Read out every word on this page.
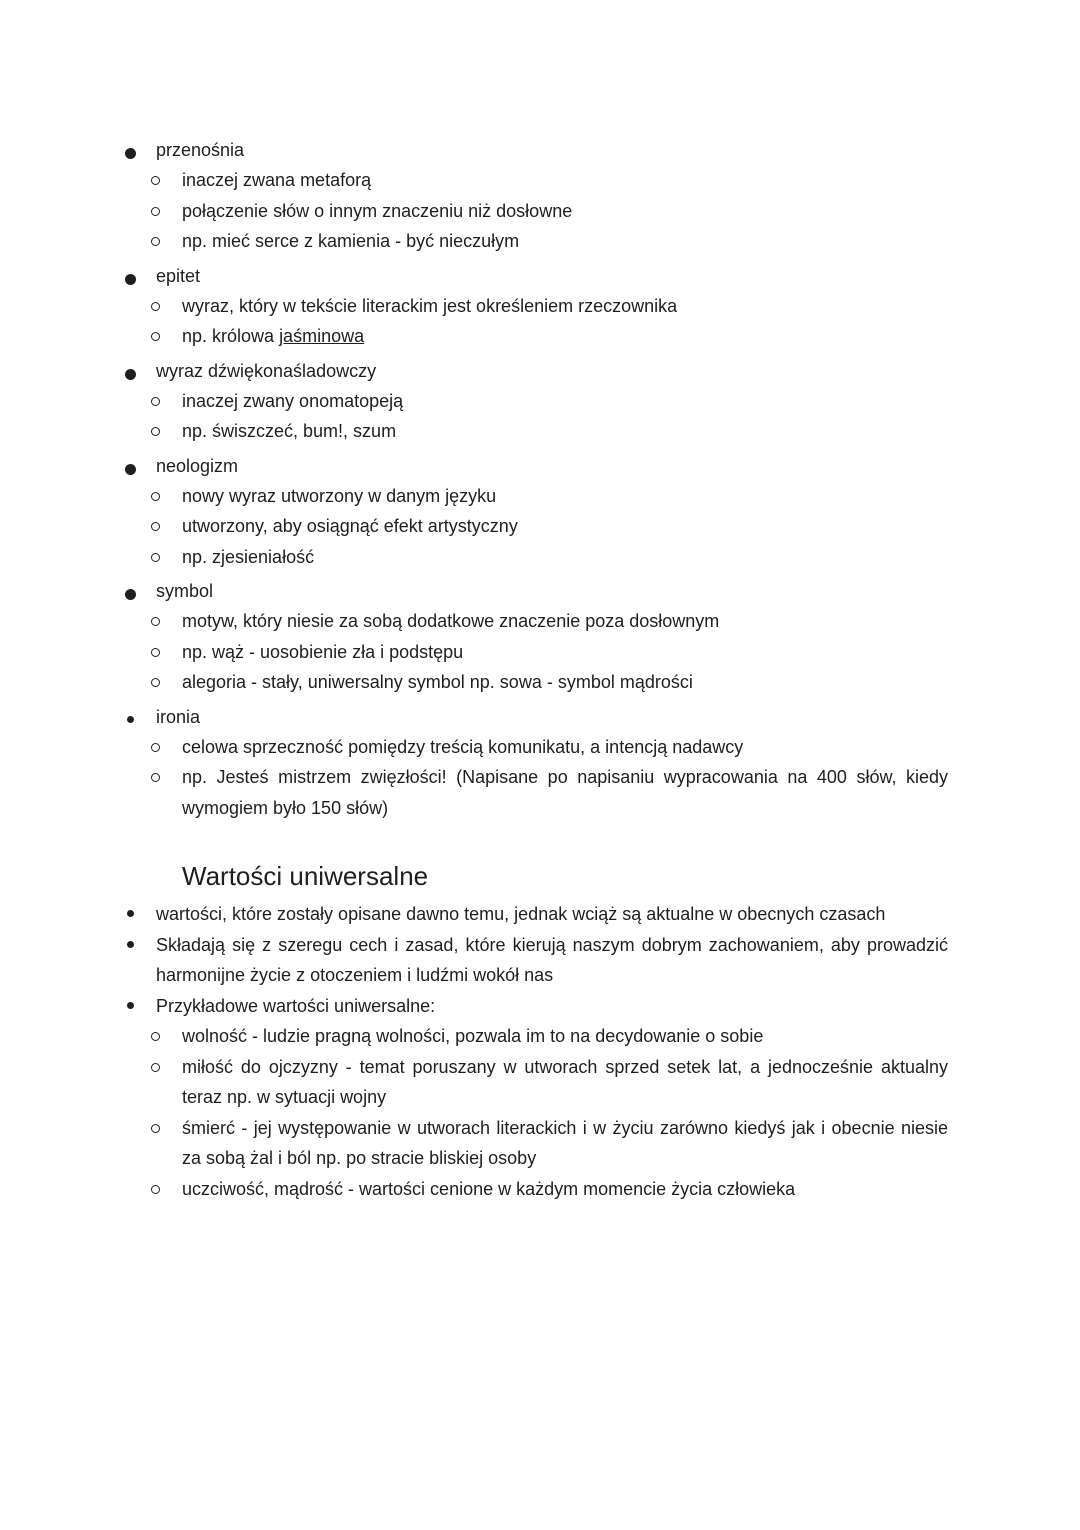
przenośnia
inaczej zwana metaforą
połączenie słów o innym znaczeniu niż dosłowne
np. mieć serce z kamienia - być nieczułym
epitet
wyraz, który w tekście literackim jest określeniem rzeczownika
np. królowa jaśminowa
wyraz dźwiękonaśladowczy
inaczej zwany onomatopeją
np. świszczeć, bum!, szum
neologizm
nowy wyraz utworzony w danym języku
utworzony, aby osiągnąć efekt artystyczny
np. zjesieniałość
symbol
motyw, który niesie za sobą dodatkowe znaczenie poza dosłownym
np. wąż - uosobienie zła i podstępu
alegoria - stały, uniwersalny symbol np. sowa - symbol mądrości
ironia
celowa sprzeczność pomiędzy treścią komunikatu, a intencją nadawcy
np. Jesteś mistrzem zwięzłości! (Napisane po napisaniu wypracowania na 400 słów, kiedy wymogiem było 150 słów)
Wartości uniwersalne
wartości, które zostały opisane dawno temu, jednak wciąż są aktualne w obecnych czasach
Składają się z szeregu cech i zasad, które kierują naszym dobrym zachowaniem, aby prowadzić harmonijne życie z otoczeniem i ludźmi wokół nas
Przykładowe wartości uniwersalne:
wolność - ludzie pragną wolności, pozwala im to na decydowanie o sobie
miłość do ojczyzny - temat poruszany w utworach sprzed setek lat, a jednocześnie aktualny teraz np. w sytuacji wojny
śmierć - jej występowanie w utworach literackich i w życiu zarówno kiedyś jak i obecnie niesie za sobą żal i ból np. po stracie bliskiej osoby
uczciwość, mądrość - wartości cenione w każdym momencie życia człowieka
